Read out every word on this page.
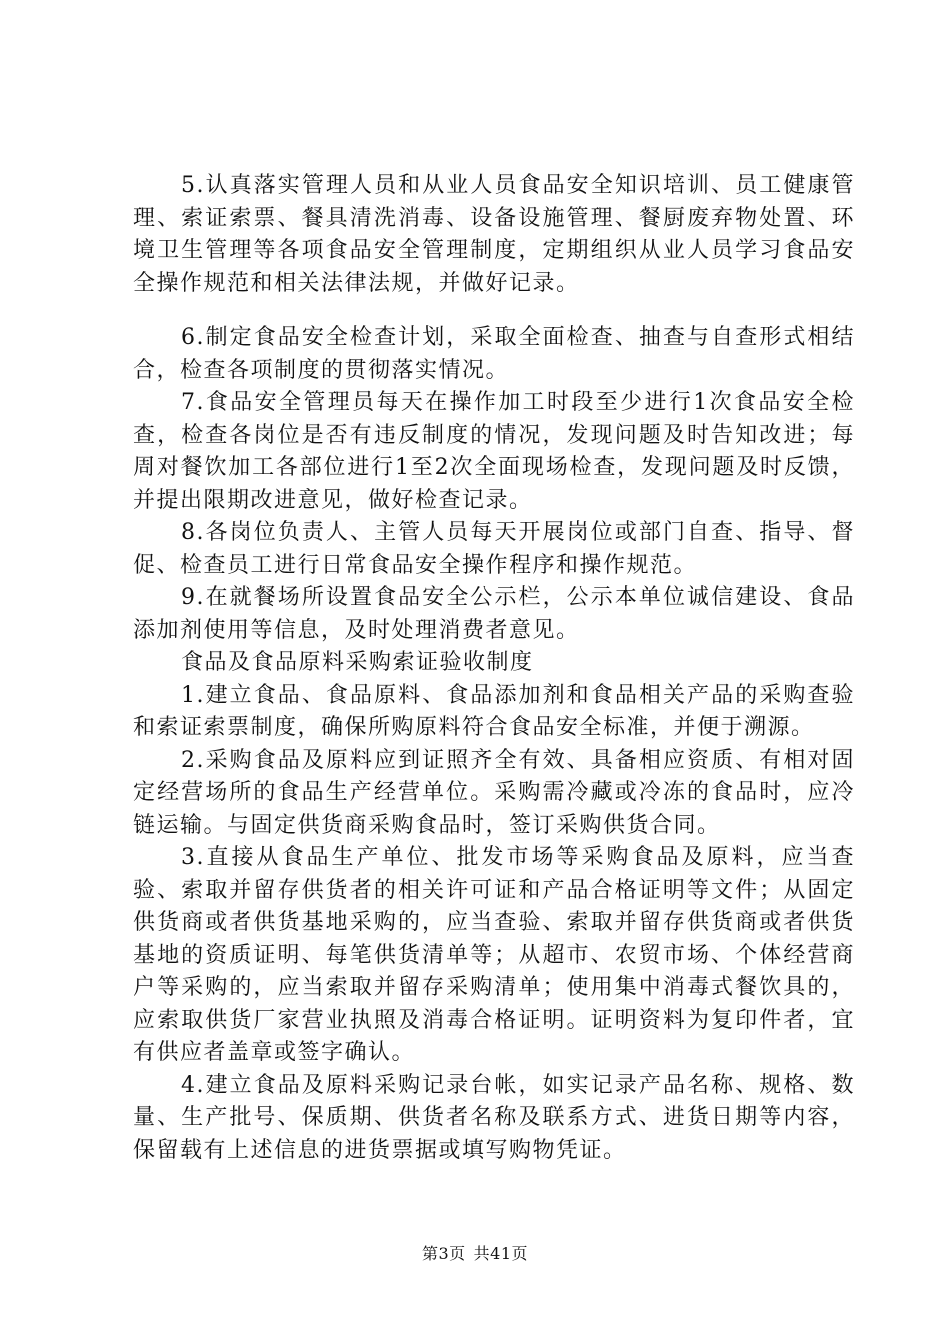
5.认真落实管理人员和从业人员食品安全知识培训、员工健康管理、索证索票、餐具清洗消毒、设备设施管理、餐厨废弃物处置、环境卫生管理等各项食品安全管理制度，定期组织从业人员学习食品安全操作规范和相关法律法规，并做好记录。

6.制定食品安全检查计划，采取全面检查、抽查与自查形式相结合，检查各项制度的贯彻落实情况。

7.食品安全管理员每天在操作加工时段至少进行1次食品安全检查，检查各岗位是否有违反制度的情况，发现问题及时告知改进；每周对餐饮加工各部位进行1至2次全面现场检查，发现问题及时反馈，并提出限期改进意见，做好检查记录。

8.各岗位负责人、主管人员每天开展岗位或部门自查、指导、督促、检查员工进行日常食品安全操作程序和操作规范。

9.在就餐场所设置食品安全公示栏，公示本单位诚信建设、食品添加剂使用等信息，及时处理消费者意见。

食品及食品原料采购索证验收制度

1.建立食品、食品原料、食品添加剂和食品相关产品的采购查验和索证索票制度，确保所购原料符合食品安全标准，并便于溯源。

2.采购食品及原料应到证照齐全有效、具备相应资质、有相对固定经营场所的食品生产经营单位。采购需冷藏或冷冻的食品时，应冷链运输。与固定供货商采购食品时，签订采购供货合同。

3.直接从食品生产单位、批发市场等采购食品及原料，应当查验、索取并留存供货者的相关许可证和产品合格证明等文件；从固定供货商或者供货基地采购的，应当查验、索取并留存供货商或者供货基地的资质证明、每笔供货清单等；从超市、农贸市场、个体经营商户等采购的，应当索取并留存采购清单；使用集中消毒式餐饮具的，应索取供货厂家营业执照及消毒合格证明。证明资料为复印件者，宜有供应者盖章或签字确认。

4.建立食品及原料采购记录台帐，如实记录产品名称、规格、数量、生产批号、保质期、供货者名称及联系方式、进货日期等内容，保留载有上述信息的进货票据或填写购物凭证。

第3页 共41页
